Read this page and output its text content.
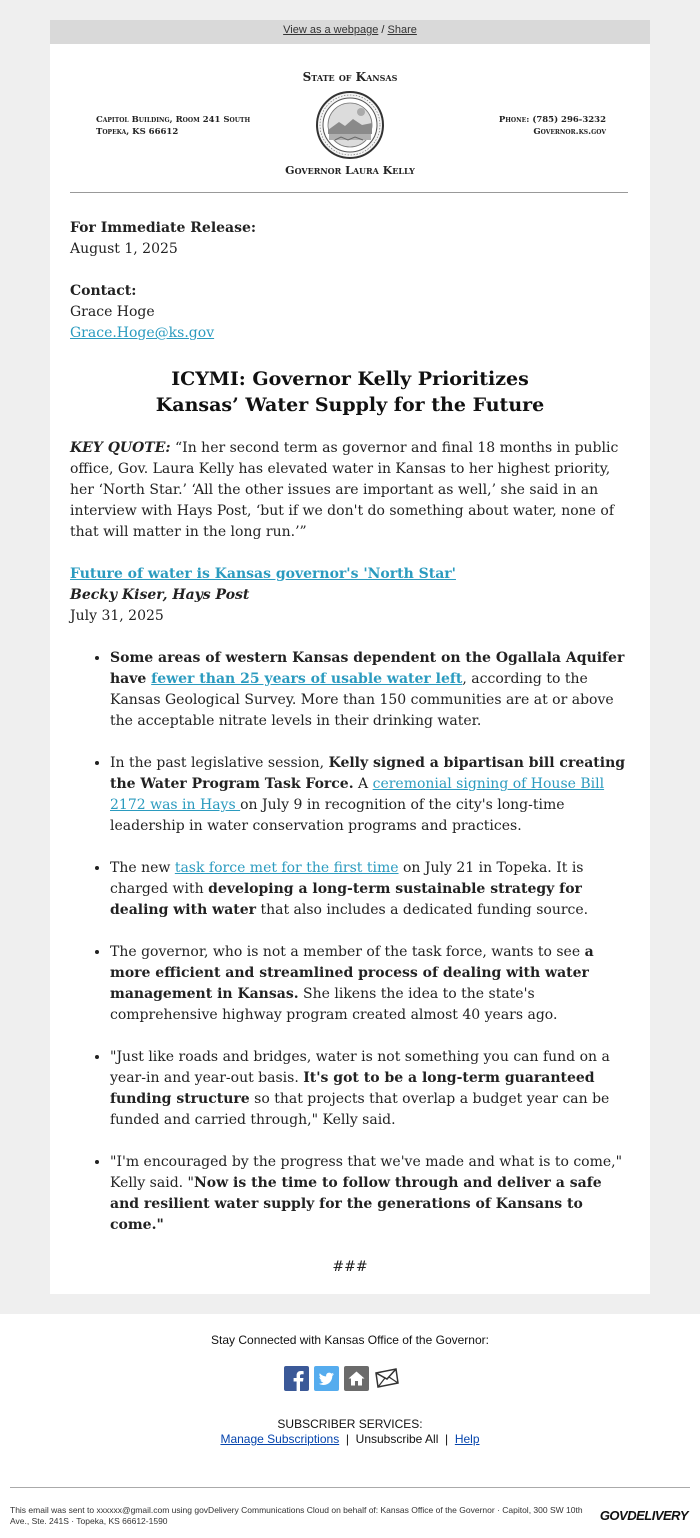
View as a webpage / Share
State of Kansas
Capitol Building, Room 241 South
Topeka, KS 66612
Phone: (785) 296-3232
Governor.ks.gov
Governor Laura Kelly

For Immediate Release:

August 1, 2025

Contact:

Grace Hoge

Grace.Hoge@ks.gov

ICYMI: Governor Kelly Prioritizes
Kansas’ Water Supply for the Future

KEY QUOTE: “In her second term as governor and final 18 months in public office, Gov. Laura Kelly has elevated water in Kansas to her highest priority, her ‘North Star.’ ‘All the other issues are important as well,’ she said in an interview with Hays Post, ‘but if we don't do something about water, none of that will matter in the long run.’”

Future of water is Kansas governor's 'North Star'

Becky Kiser, Hays Post

July 31, 2025

• Some areas of western Kansas dependent on the Ogallala Aquifer have fewer than 25 years of usable water left, according to the Kansas Geological Survey. More than 150 communities are at or above the acceptable nitrate levels in their drinking water.
• In the past legislative session, Kelly signed a bipartisan bill creating the Water Program Task Force. A ceremonial signing of House Bill 2172 was in Hays on July 9 in recognition of the city's long-time leadership in water conservation programs and practices.
• The new task force met for the first time on July 21 in Topeka. It is charged with developing a long-term sustainable strategy for dealing with water that also includes a dedicated funding source.
• The governor, who is not a member of the task force, wants to see a more efficient and streamlined process of dealing with water management in Kansas. She likens the idea to the state's comprehensive highway program created almost 40 years ago.
• "Just like roads and bridges, water is not something you can fund on a year-in and year-out basis. It's got to be a long-term guaranteed funding structure so that projects that overlap a budget year can be funded and carried through," Kelly said.
• "I'm encouraged by the progress that we've made and what is to come," Kelly said. "Now is the time to follow through and deliver a safe and resilient water supply for the generations of Kansans to come."

###

Stay Connected with Kansas Office of the Governor:
SUBSCRIBER SERVICES:
Manage Subscriptions | Unsubscribe All | Help
This email was sent to xxxxxx@gmail.com using govDelivery Communications Cloud on behalf of: Kansas Office of the Governor · Capitol, 300 SW 10th Ave., Ste. 241S · Topeka, KS 66612-1590	GOVDELIVERY
